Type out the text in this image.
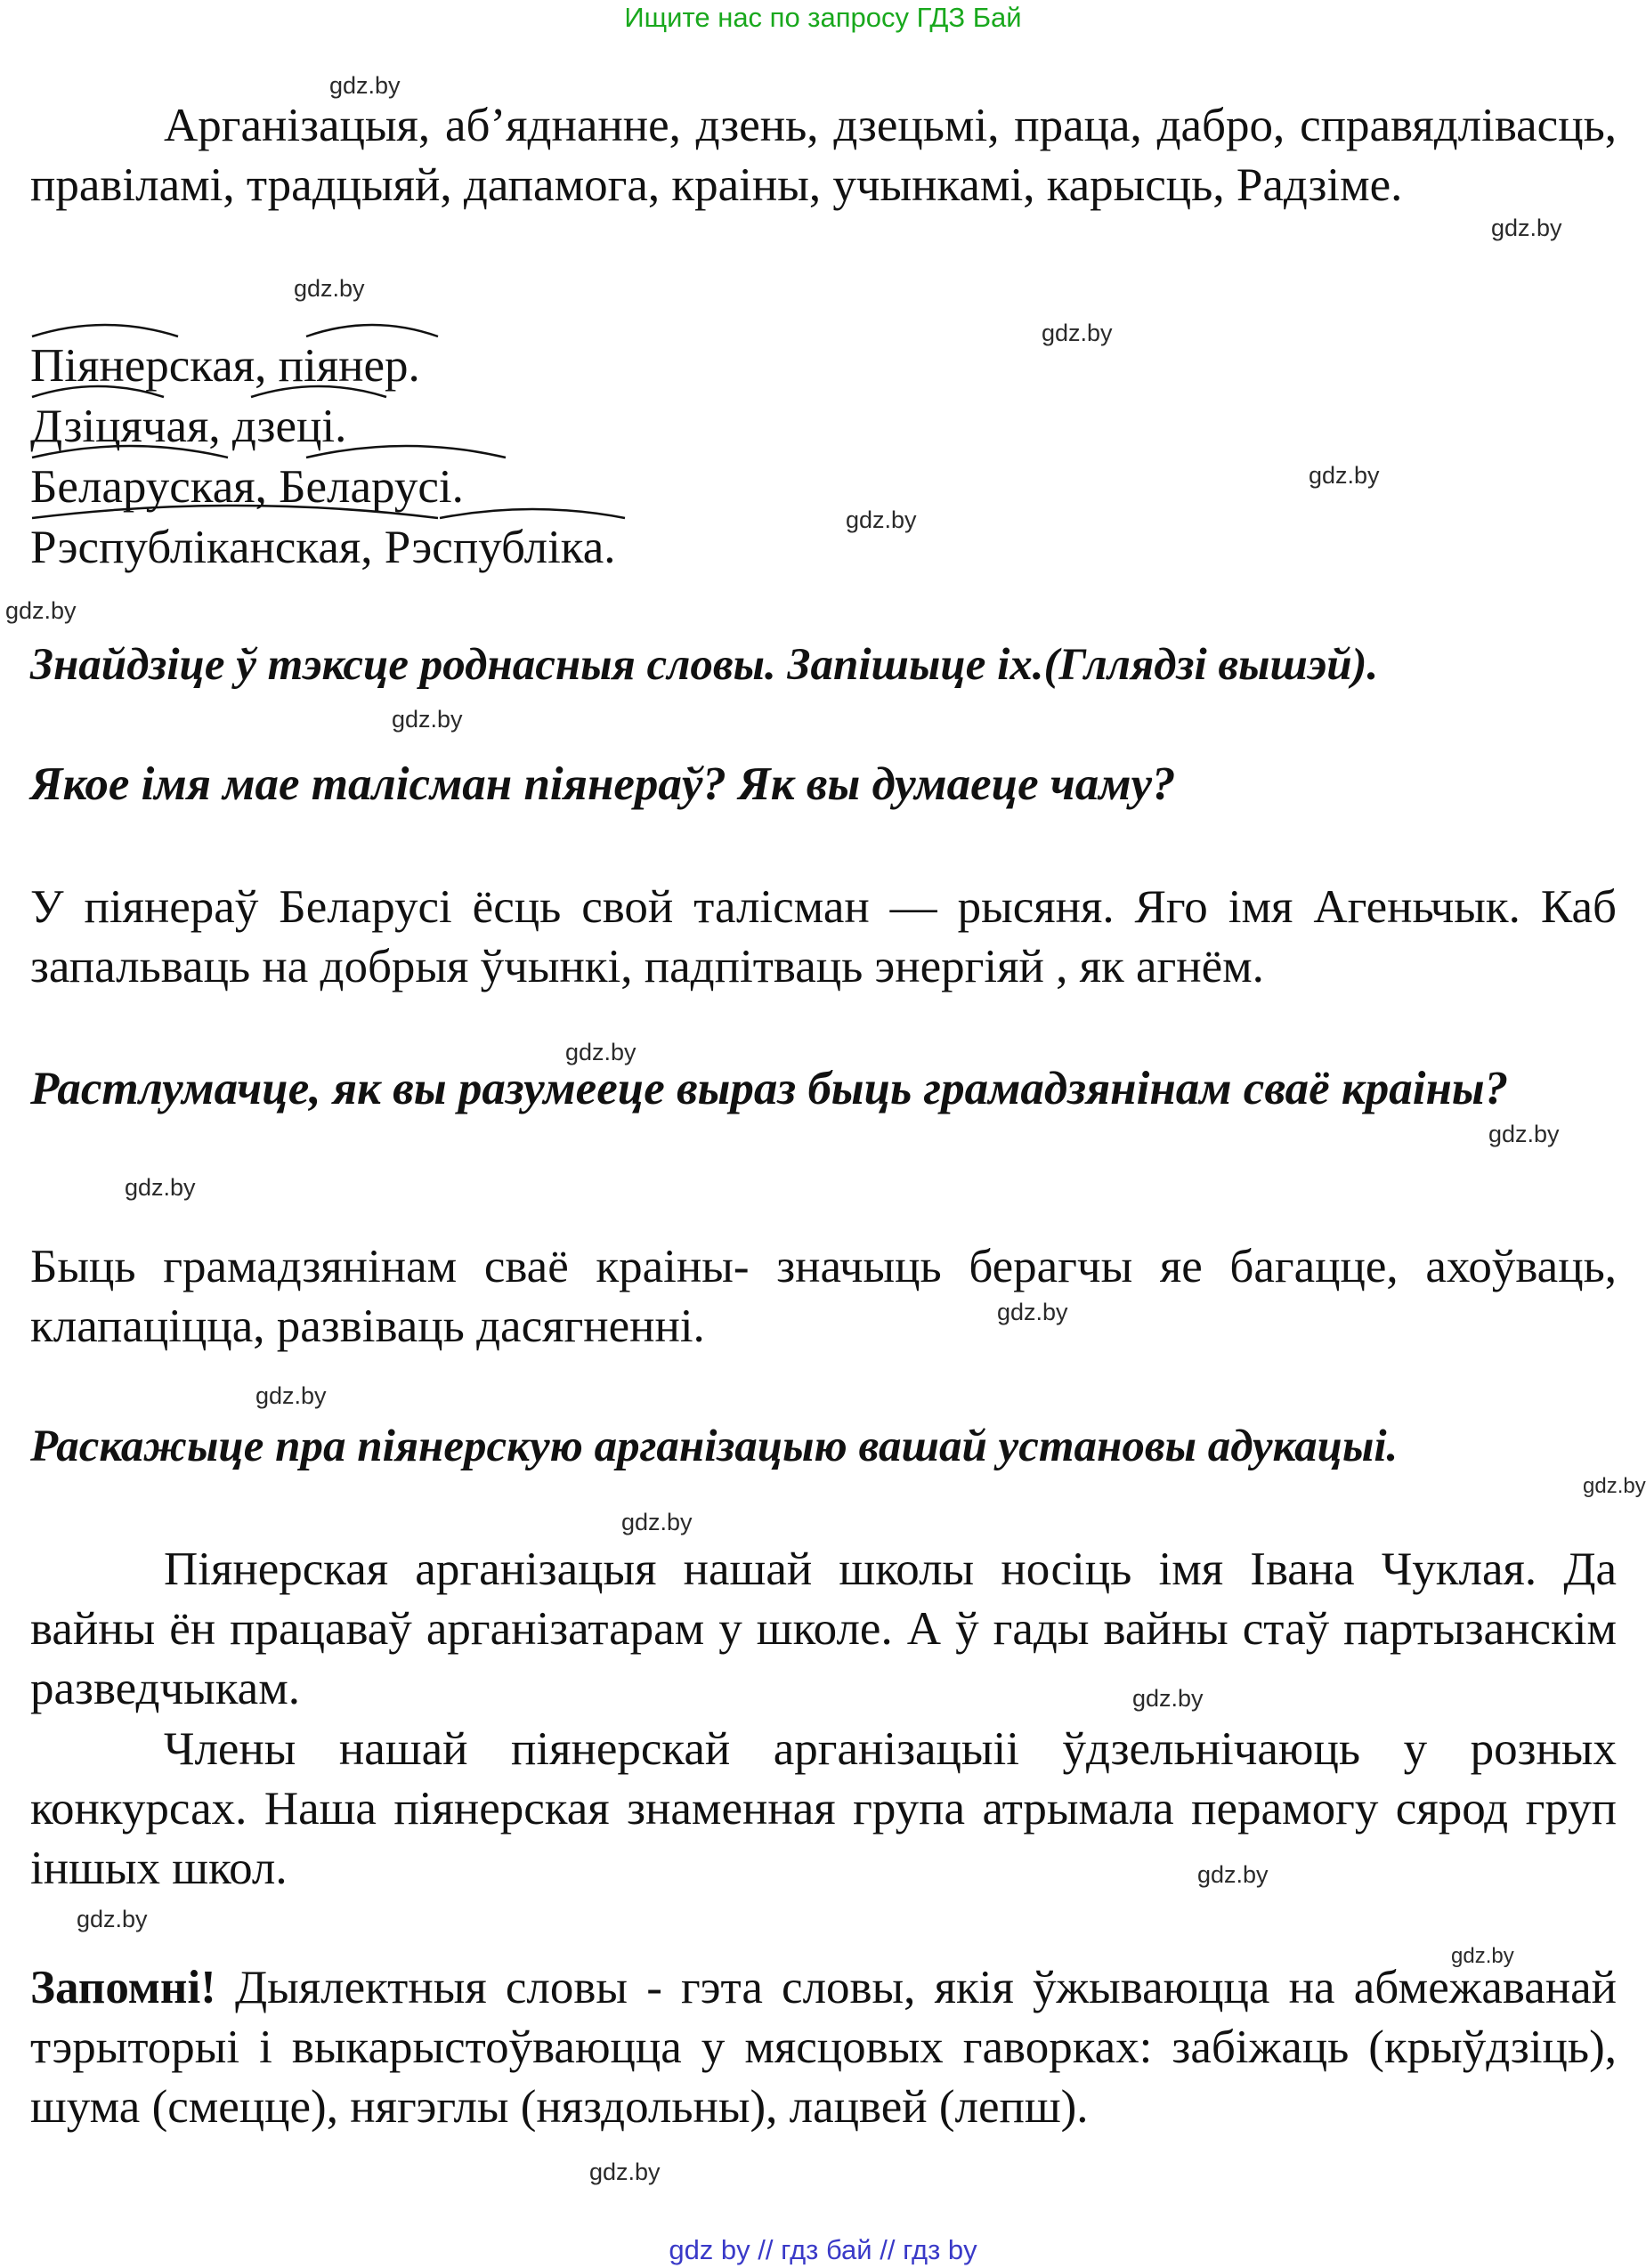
Ищите нас по запросу ГДЗ Бай
gdz.by
gdz.by
gdz.by
gdz.by
gdz.by
gdz.by
gdz.by
gdz.by
gdz.by
gdz.by
gdz.by
gdz.by
gdz.by
gdz.by
gdz.by
gdz.by
gdz.by
gdz.by
gdz.by
gdz.by
Арганізацыя, аб’яднанне, дзень, дзецьмі, праца, дабро, справядлівасць, правіламі, традцыяй, дапамога, краіны, учынкамі, карысць, Радзіме.
Піянерская, піянер.
Дзіцячая, дзеці.
Беларуская, Беларусі.
Рэспубліканская, Рэспубліка.
Знайдзіце ў тэксце роднасныя словы. Запішыце іх.(Гллядзі вышэй).
Якое імя мае талісман піянераў? Як вы думаеце чаму?
У піянераў Беларусі ёсць свой талісман — рысяня. Яго імя Агеньчык. Каб запальваць на добрыя ўчынкі, падпітваць энергіяй , як агнём.
Растлумачце, як вы разумееце выраз быць грамадзянінам сваё краіны?
Быць грамадзянінам сваё краіны- значыць берагчы яе багацце, ахоўваць, клапаціцца, развіваць дасягненні.
Раскажыце пра піянерскую арганізацыю вашай установы адукацыі.
Піянерская арганізацыя нашай школы носіць імя Івана Чуклая. Да вайны ён працаваў арганізатарам у школе. А ў гады вайны стаў партызанскім разведчыкам.
Члены нашай піянерскай арганізацыіі ўдзельнічаюць у розных конкурсах. Наша піянерская знаменная група атрымала перамогу сярод груп іншых школ.
Запомні! Дыялектныя словы - гэта словы, якія ўжываюцца на абмежаванай тэрыторыі і выкарыстоўваюцца у мясцовых гаворках: забіжаць (крыўдзіць), шума (смецце), нягэглы (няздольны), лацвей (лепш).
gdz by // гдз бай // гдз by
